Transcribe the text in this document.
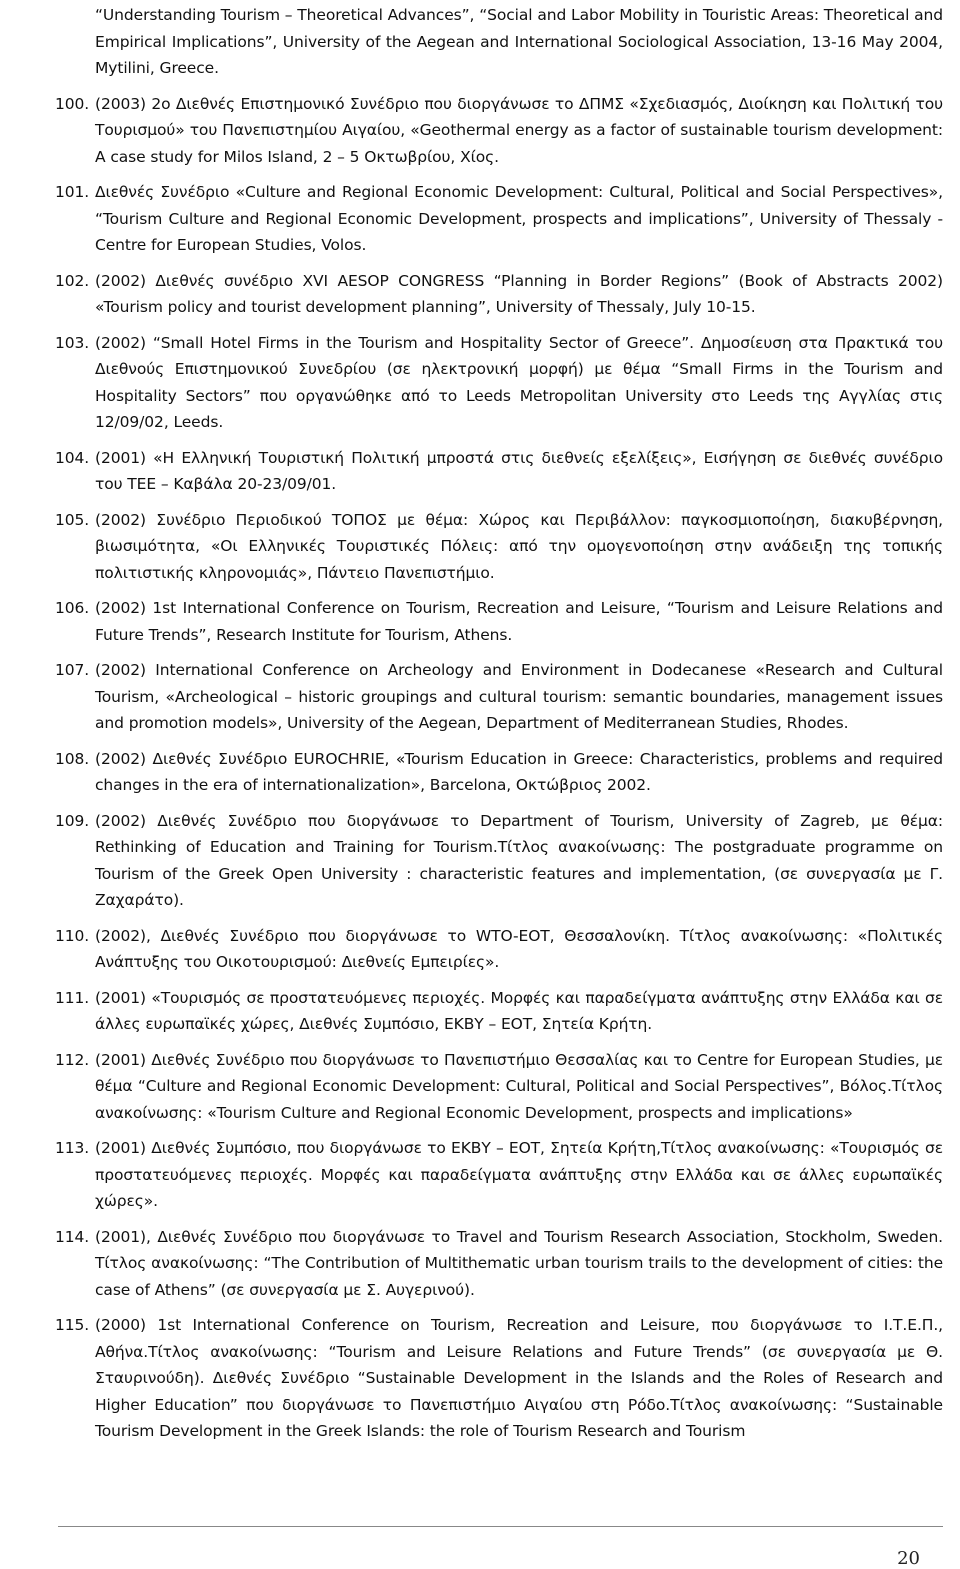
“Understanding Tourism – Theoretical Advances”, “Social and Labor Mobility in Touristic Areas: Theoretical and Empirical Implications”, University of the Aegean and International Sociological Association, 13-16 May 2004, Mytilini, Greece.
100. (2003) 2ο Διεθνές Επιστημονικό Συνέδριο που διοργάνωσε το ΔΠΜΣ «Σχεδιασμός, Διοίκηση και Πολιτική του Τουρισμού» του Πανεπιστημίου Αιγαίου, «Geothermal energy as a factor of sustainable tourism development: A case study for Milos Island, 2 – 5 Οκτωβρίου, Χίος.
101. Διεθνές Συνέδριο «Culture and Regional Economic Development: Cultural, Political and Social Perspectives», “Tourism Culture and Regional Economic Development, prospects and implications”, University of Thessaly - Centre for European Studies, Volos.
102. (2002) Διεθνές συνέδριο XVI AESOP CONGRESS “Planning in Border Regions” (Book of Abstracts 2002) «Tourism policy and tourist development planning”, University of Thessaly, July 10-15.
103. (2002) “Small Hotel Firms in the Tourism and Hospitality Sector of Greece”. Δημοσίευση στα Πρακτικά του Διεθνούς Επιστημονικού Συνεδρίου (σε ηλεκτρονική μορφή) με θέμα “Small Firms in the Tourism and Hospitality Sectors” που οργανώθηκε από το Leeds Metropolitan University στο Leeds της Αγγλίας στις 12/09/02, Leeds.
104. (2001) «Η Ελληνική Τουριστική Πολιτική μπροστά στις διεθνείς εξελίξεις», Εισήγηση σε διεθνές συνέδριο του ΤΕΕ – Καβάλα 20-23/09/01.
105. (2002) Συνέδριο Περιοδικού ΤΟΠΟΣ με θέμα: Χώρος και Περιβάλλον: παγκοσμιοποίηση, διακυβέρνηση, βιωσιμότητα, «Οι Ελληνικές Τουριστικές Πόλεις: από την ομογενοποίηση στην ανάδειξη της τοπικής πολιτιστικής κληρονομιάς», Πάντειο Πανεπιστήμιο.
106. (2002) 1st International Conference on Tourism, Recreation and Leisure, “Tourism and Leisure Relations and Future Trends”, Research Institute for Tourism, Athens.
107. (2002) International Conference on Archeology and Environment in Dodecanese «Research and Cultural Tourism, «Archeological – historic groupings and cultural tourism: semantic boundaries, management issues and promotion models», University of the Aegean, Department of Mediterranean Studies, Rhodes.
108. (2002) Διεθνές Συνέδριο EUROCHRIE, «Tourism Education in Greece: Characteristics, problems and required changes in the era of internationalization», Barcelona, Οκτώβριος 2002.
109. (2002) Διεθνές Συνέδριο που διοργάνωσε το Department of Tourism, University of Zagreb, με θέμα: Rethinking of Education and Training for Tourism.Τίτλος ανακοίνωσης: The postgraduate programme on Tourism of the Greek Open University : characteristic features and implementation, (σε συνεργασία με Γ. Ζαχαράτο).
110. (2002), Διεθνές Συνέδριο που διοργάνωσε το WTO-ΕΟΤ, Θεσσαλονίκη. Τίτλος ανακοίνωσης: «Πολιτικές Ανάπτυξης του Οικοτουρισμού: Διεθνείς Εμπειρίες».
111. (2001) «Τουρισμός σε προστατευόμενες περιοχές. Μορφές και παραδείγματα ανάπτυξης στην Ελλάδα και σε άλλες ευρωπαϊκές χώρες, Διεθνές Συμπόσιο, ΕΚΒΥ – ΕΟΤ, Σητεία Κρήτη.
112. (2001) Διεθνές Συνέδριο που διοργάνωσε το Πανεπιστήμιο Θεσσαλίας και το Centre for European Studies, με θέμα “Culture and Regional Economic Development: Cultural, Political and Social Perspectives”, Βόλος.Τίτλος ανακοίνωσης: «Tourism Culture and Regional Economic Development, prospects and implications»
113. (2001) Διεθνές Συμπόσιο, που διοργάνωσε το ΕΚΒΥ – ΕΟΤ, Σητεία Κρήτη,Τίτλος ανακοίνωσης: «Τουρισμός σε προστατευόμενες περιοχές. Μορφές και παραδείγματα ανάπτυξης στην Ελλάδα και σε άλλες ευρωπαϊκές χώρες».
114. (2001), Διεθνές Συνέδριο που διοργάνωσε το Travel and Tourism Research Association, Stockholm, Sweden. Τίτλος ανακοίνωσης: “The Contribution of Multithematic urban tourism trails to the development of cities: the case of Athens” (σε συνεργασία με Σ. Αυγερινού).
115. (2000) 1st International Conference on Tourism, Recreation and Leisure, που διοργάνωσε το Ι.Τ.Ε.Π., Αθήνα.Τίτλος ανακοίνωσης: “Tourism and Leisure Relations and Future Trends” (σε συνεργασία με Θ. Σταυρινούδη). Διεθνές Συνέδριο “Sustainable Development in the Islands and the Roles of Research and Higher Education” που διοργάνωσε το Πανεπιστήμιο Αιγαίου στη Ρόδο.Τίτλος ανακοίνωσης: “Sustainable Tourism Development in the Greek Islands: the role of Tourism Research and Tourism
20
